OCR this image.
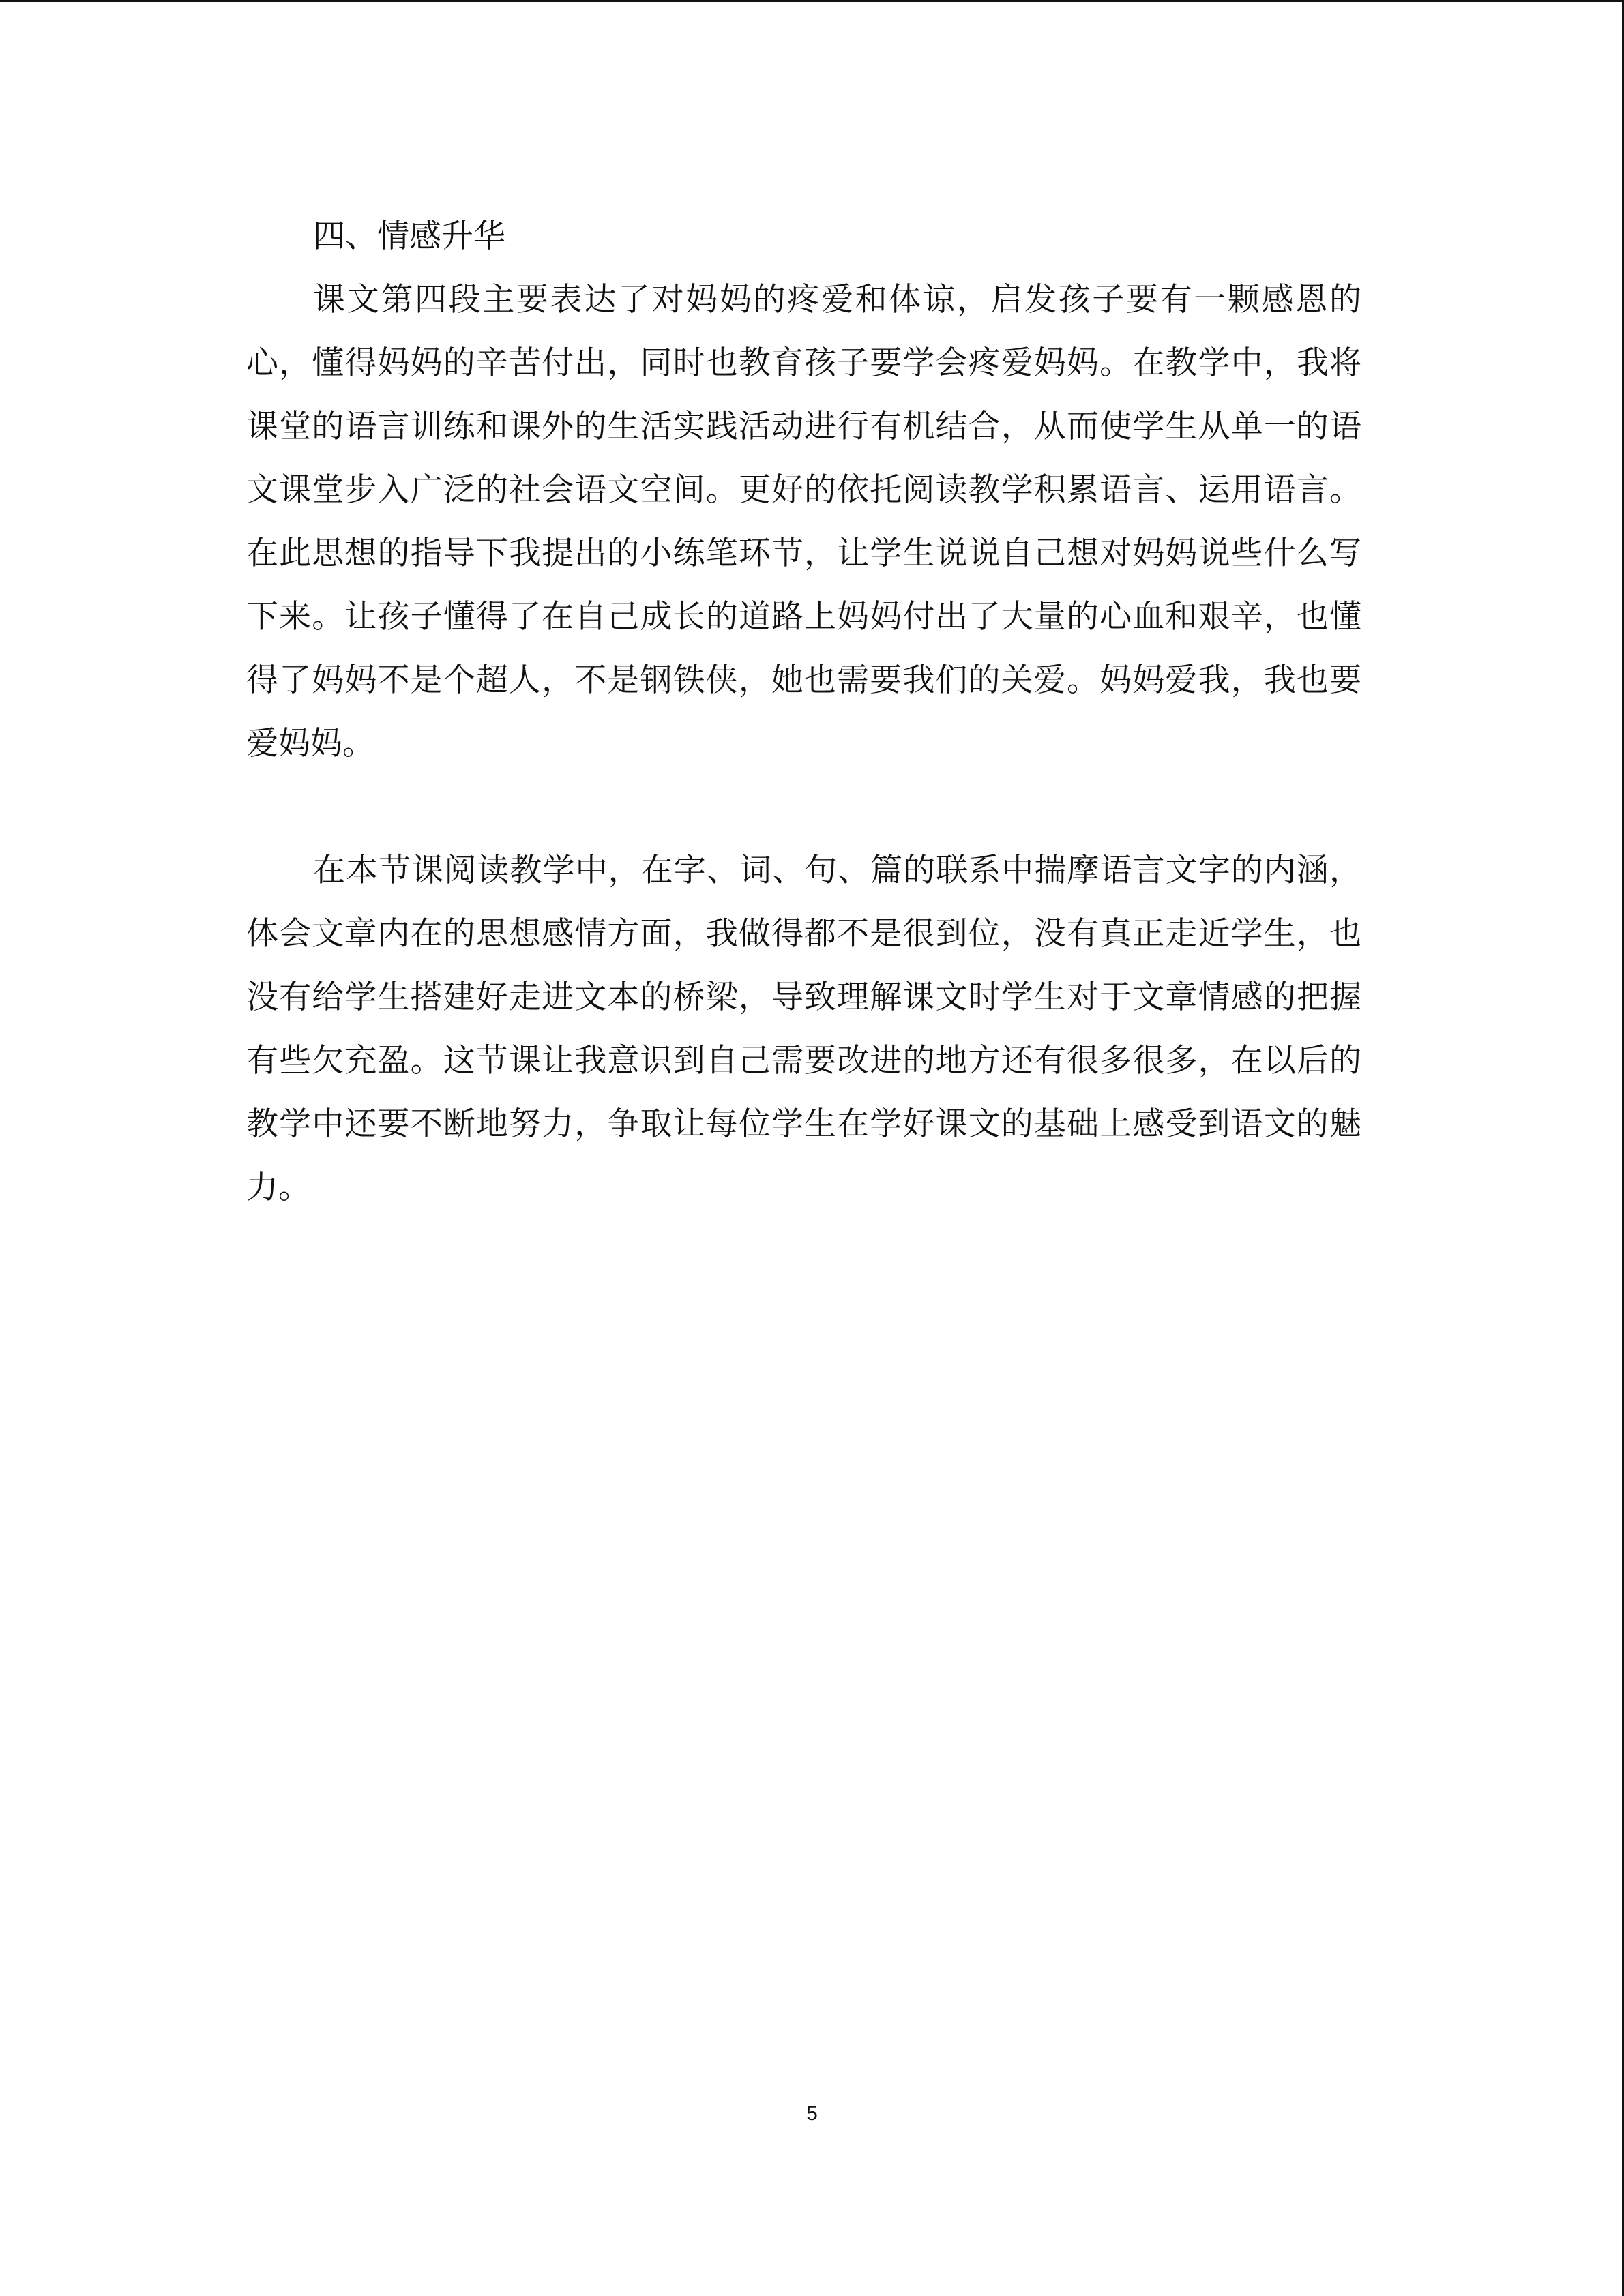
四、情感升华
课文第四段主要表达了对妈妈的疼爱和体谅，启发孩子要有一颗感恩的
心，懂得妈妈的辛苦付出，同时也教育孩子要学会疼爱妈妈。在教学中，我将
课堂的语言训练和课外的生活实践活动进行有机结合，从而使学生从单一的语
文课堂步入广泛的社会语文空间。更好的依托阅读教学积累语言、运用语言。
在此思想的指导下我提出的小练笔环节，让学生说说自己想对妈妈说些什么写
下来。让孩子懂得了在自己成长的道路上妈妈付出了大量的心血和艰辛，也懂
得了妈妈不是个超人，不是钢铁侠，她也需要我们的关爱。妈妈爱我，我也要
爱妈妈。
在本节课阅读教学中，在字、词、句、篇的联系中揣摩语言文字的内涵，
体会文章内在的思想感情方面，我做得都不是很到位，没有真正走近学生，也
没有给学生搭建好走进文本的桥梁，导致理解课文时学生对于文章情感的把握
有些欠充盈。这节课让我意识到自己需要改进的地方还有很多很多，在以后的
教学中还要不断地努力，争取让每位学生在学好课文的基础上感受到语文的魅
力。
5
